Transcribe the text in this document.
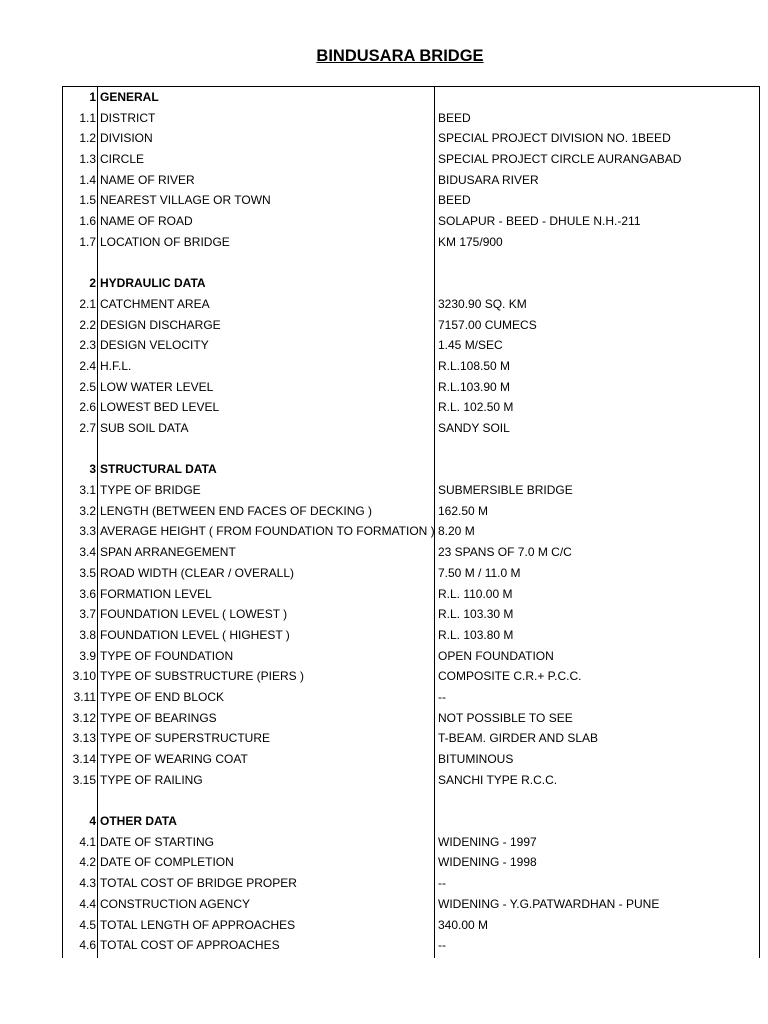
BINDUSARA BRIDGE
1 GENERAL
1.1 DISTRICT	BEED
1.2 DIVISION	SPECIAL PROJECT DIVISION NO. 1BEED
1.3 CIRCLE	SPECIAL PROJECT CIRCLE AURANGABAD
1.4 NAME OF RIVER	BIDUSARA RIVER
1.5 NEAREST VILLAGE OR TOWN	BEED
1.6 NAME OF ROAD	SOLAPUR - BEED - DHULE N.H.-211
1.7 LOCATION OF BRIDGE	KM 175/900
2 HYDRAULIC DATA
2.1 CATCHMENT AREA	3230.90 SQ. KM
2.2 DESIGN DISCHARGE	7157.00 CUMECS
2.3 DESIGN VELOCITY	1.45 M/SEC
2.4 H.F.L.	R.L.108.50 M
2.5 LOW WATER LEVEL	R.L.103.90 M
2.6 LOWEST BED LEVEL	R.L. 102.50 M
2.7 SUB SOIL DATA	SANDY SOIL
3 STRUCTURAL DATA
3.1 TYPE OF BRIDGE	SUBMERSIBLE BRIDGE
3.2 LENGTH (BETWEEN END FACES OF DECKING )	162.50 M
3.3 AVERAGE HEIGHT ( FROM FOUNDATION TO FORMATION ) 8.20 M
3.4 SPAN ARRANEGEMENT	23 SPANS OF 7.0 M C/C
3.5 ROAD WIDTH (CLEAR / OVERALL)	7.50 M / 11.0 M
3.6 FORMATION LEVEL	R.L. 110.00 M
3.7 FOUNDATION LEVEL ( LOWEST )	R.L. 103.30 M
3.8 FOUNDATION LEVEL ( HIGHEST )	R.L. 103.80 M
3.9 TYPE OF FOUNDATION	OPEN FOUNDATION
3.10 TYPE OF SUBSTRUCTURE (PIERS )	COMPOSITE C.R.+ P.C.C.
3.11 TYPE OF END BLOCK	--
3.12 TYPE OF BEARINGS	NOT POSSIBLE TO SEE
3.13 TYPE OF SUPERSTRUCTURE	T-BEAM. GIRDER AND SLAB
3.14 TYPE OF WEARING COAT	BITUMINOUS
3.15 TYPE OF RAILING	SANCHI TYPE R.C.C.
4 OTHER DATA
4.1 DATE OF STARTING	WIDENING - 1997
4.2 DATE OF COMPLETION	WIDENING - 1998
4.3 TOTAL COST OF BRIDGE PROPER	--
4.4 CONSTRUCTION AGENCY	WIDENING - Y.G.PATWARDHAN - PUNE
4.5 TOTAL LENGTH OF APPROACHES	340.00 M
4.6 TOTAL COST OF APPROACHES	--
